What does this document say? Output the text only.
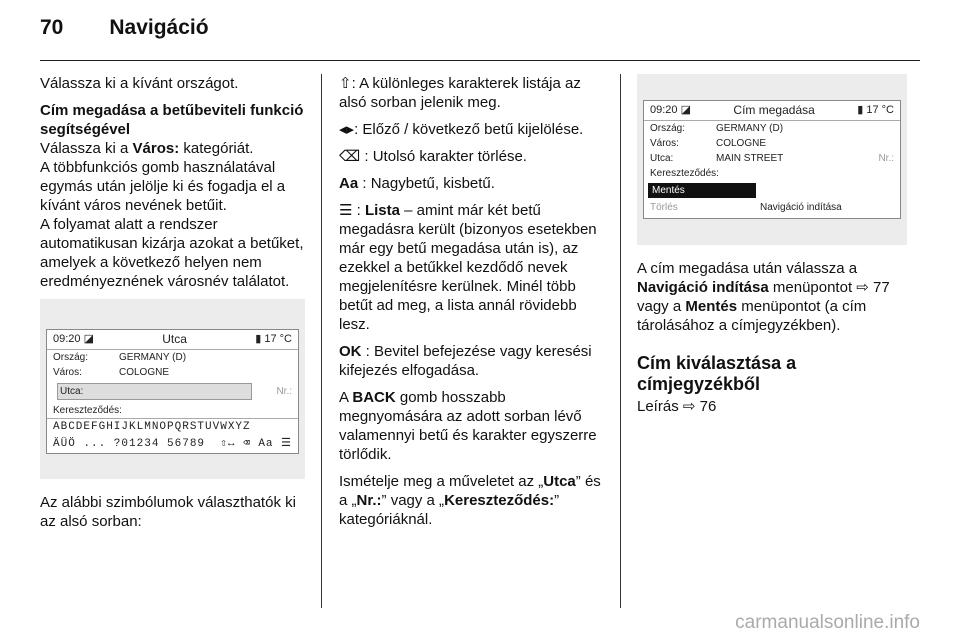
70 Navigáció

Válassza ki a kívánt országot.

Cím megadása a betűbeviteli funkció segítségével
Válassza ki a Város: kategóriát.
A többfunkciós gomb használatával egymás után jelölje ki és fogadja el a kívánt város nevének betűit.
A folyamat alatt a rendszer automatikusan kizárja azokat a betűket, amelyek a következő helyen nem eredményeznének városnév találatot.

09:20 ◪	Utca	▮ 17 °C
Ország:	GERMANY (D)
Város:	COLOGNE
Utca:	Nr.:
Kereszteződés:
ABCDEFGHIJKLMNOPQRSTUVWXYZ
ÄÜÖ ... ?01234 56789 ⇧↔ ⌫ Aa ☰

Az alábbi szimbólumok választhatók ki az alsó sorban:

⇧: A különleges karakterek listája az alsó sorban jelenik meg.

◂▸: Előző / következő betű kijelölése.

⌫ : Utolsó karakter törlése.

Aa : Nagybetű, kisbetű.

☰ : Lista – amint már két betű megadásra került (bizonyos esetekben már egy betű megadása után is), az ezekkel a betűkkel kezdődő nevek megjelenítésre kerülnek. Minél több betűt ad meg, a lista annál rövidebb lesz.

OK : Bevitel befejezése vagy keresési kifejezés elfogadása.

A BACK gomb hosszabb megnyomására az adott sorban lévő valamennyi betű és karakter egyszerre törlődik.

Ismételje meg a műveletet az „Utca” és a „Nr.:” vagy a „Kereszteződés:” kategóriáknál.

09:20 ◪	Cím megadása	▮ 17 °C
Ország:	GERMANY (D)
Város:	COLOGNE
Utca:	MAIN STREET	Nr.:
Kereszteződés:
Mentés
Törlés	Navigáció indítása

A cím megadása után válassza a Navigáció indítása menüpontot ⇨ 77 vagy a Mentés menüpontot (a cím tárolásához a címjegyzékben).

Cím kiválasztása a címjegyzékből

Leírás ⇨ 76

carmanualsonline.info
